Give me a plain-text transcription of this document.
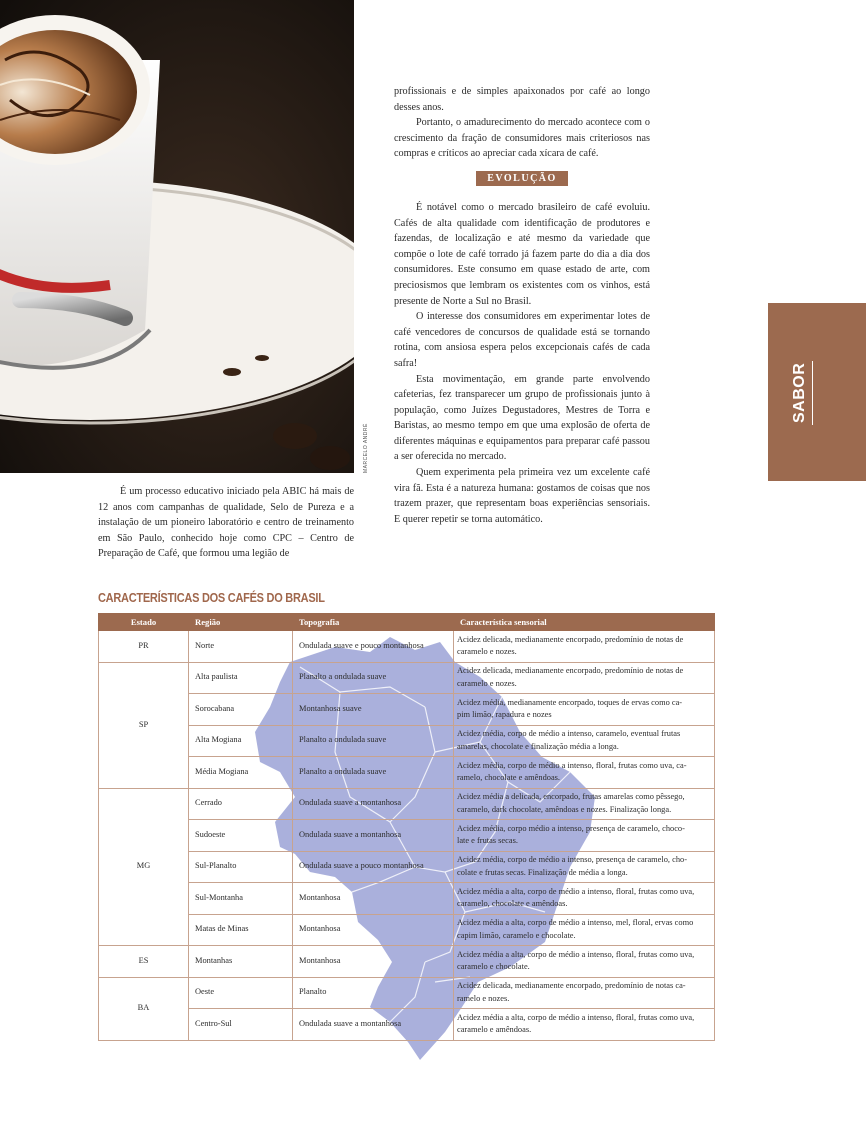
MARCELO ANDRÉ

É um processo educativo iniciado pela ABIC há mais de 12 anos com campanhas de qualidade, Selo de Pureza e a instalação de um pioneiro laboratório e centro de treinamento em São Paulo, conhecido hoje como CPC – Centro de Preparação de Café, que formou uma legião de

profissionais e de simples apaixonados por café ao longo desses anos.

Portanto, o amadurecimento do mercado acontece com o crescimento da fração de consumidores mais criteriosos nas compras e críticos ao apreciar cada xícara de café.

EVOLUÇÃO

É notável como o mercado brasileiro de café evoluiu. Cafés de alta qualidade com identificação de produtores e fazendas, de localização e até mesmo da variedade que compõe o lote de café torrado já fazem parte do dia a dia dos consumidores. Este consumo em quase estado de arte, com preciosismos que lembram os existentes com os vinhos, está presente de Norte a Sul no Brasil.

O interesse dos consumidores em experimentar lotes de café vencedores de concursos de qualidade está se tornando rotina, com ansiosa espera pelos excepcionais cafés de cada safra!

Esta movimentação, em grande parte envolvendo cafeterias, fez transparecer um grupo de profissionais junto à população, como Juízes Degustadores, Mestres de Torra e Baristas, ao mesmo tempo em que uma explosão de oferta de diferentes máquinas e equipamentos para preparar café passou a ser oferecida no mercado.

Quem experimenta pela primeira vez um excelente café vira fã. Esta é a natureza humana: gostamos de coisas que nos trazem prazer, que representam boas experiências sensoriais. E querer repetir se torna automático.

SABOR
CARACTERÍSTICAS DOS CAFÉS DO BRASIL
Estado	Região	Topografia	Característica sensorial
PR	Norte	Ondulada suave e pouco montanhosa	Acidez delicada, medianamente encorpado, predomínio de notas de
caramelo e nozes.

SP	Alta paulista	Planalto a ondulada suave	Acidez delicada, medianamente encorpado, predomínio de notas de
caramelo e nozes.

	Sorocabana	Montanhosa suave	Acidez média, medianamente encorpado, toques de ervas como ca-
pim limão, rapadura e nozes

	Alta Mogiana	Planalto a ondulada suave	Acidez média, corpo de médio a intenso, caramelo, eventual frutas
amarelas, chocolate e finalização média a longa.

	Média Mogiana	Planalto a ondulada suave	Acidez média, corpo de médio a intenso, floral, frutas como uva, ca-
ramelo, chocolate e amêndoas.

MG	Cerrado	Ondulada suave a montanhosa	Acidez média a delicada, encorpado, frutas amarelas como pêssego,
caramelo, dark chocolate, amêndoas e nozes. Finalização longa.

	Sudoeste	Ondulada suave a montanhosa	Acidez média, corpo médio a intenso, presença de caramelo, choco-
late e frutas secas.

	Sul-Planalto	Ondulada suave a pouco montanhosa	Acidez média, corpo de médio a intenso, presença de caramelo, cho-
colate e frutas secas. Finalização de média a longa.

	Sul-Montanha	Montanhosa	Acidez média a alta, corpo de médio a intenso, floral, frutas como uva,
caramelo, chocolate e amêndoas.

	Matas de Minas	Montanhosa	Acidez média a alta, corpo de médio a intenso, mel, floral, ervas como
capim limão, caramelo e chocolate.

ES	Montanhas	Montanhosa	Acidez média a alta, corpo de médio a intenso, floral, frutas como uva,
caramelo e chocolate.

BA	Oeste	Planalto	Acidez delicada, medianamente encorpado, predomínio de notas ca-
ramelo e nozes.

	Centro-Sul	Ondulada suave a montanhosa	Acidez média a alta, corpo de médio a intenso, floral, frutas como uva,
caramelo e amêndoas.
